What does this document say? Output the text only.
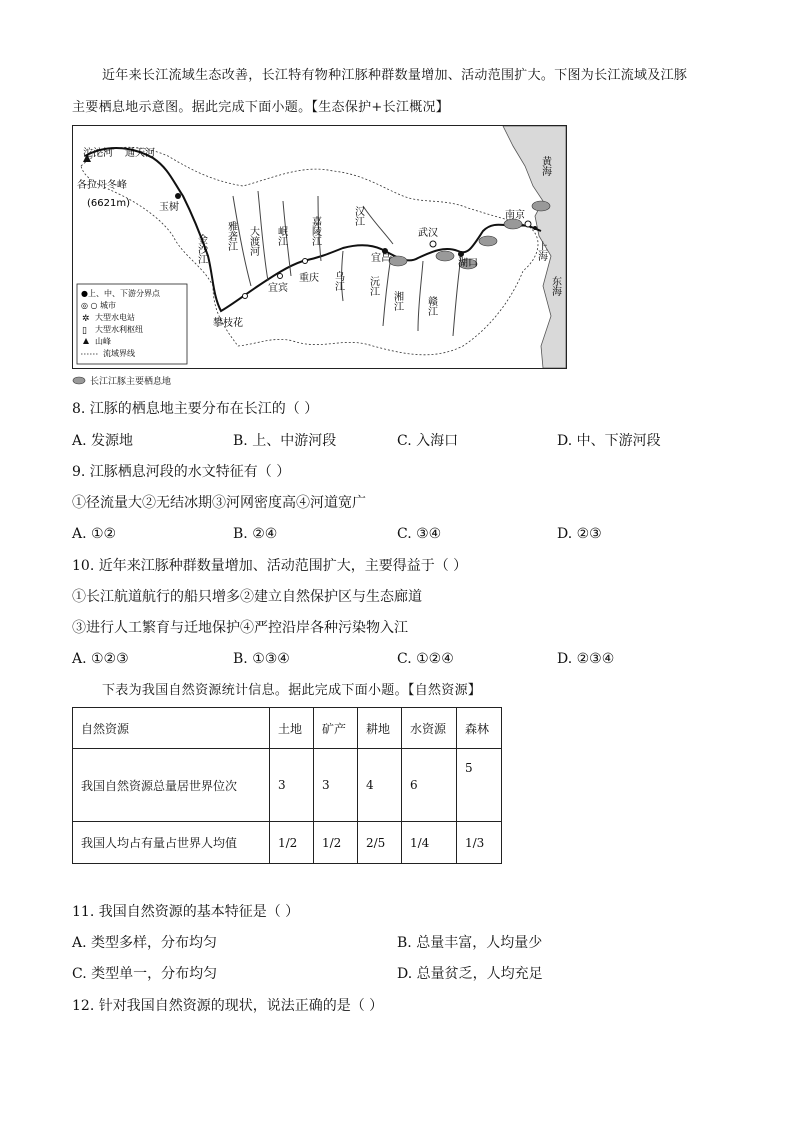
近年来长江流域生态改善，长江特有物种江豚种群数量增加、活动范围扩大。下图为长江流域及江豚
主要栖息地示意图。据此完成下面小题。【生态保护+长江概况】
沱沱河 通天河
各拉丹冬峰
(6621m)	玉树
金沙江 雅砻江 大渡河 岷江 嘉陵江	汉江
乌江 沅江
湘江 赣江
攀枝花
宜宾
重庆
宜昌
武汉
湖口
南京
上海
黄海
东海
●上、中、下游分界点
◎ ○ 城市
大型水电站
大型水利枢纽
山峰
流域界线
✲
▯
长江江豚主要栖息地
8. 江豚的栖息地主要分布在长江的（ ）
A. 发源地	B. 上、中游河段	C. 入海口	D. 中、下游河段
9. 江豚栖息河段的水文特征有（ ）
①径流量大②无结冰期③河网密度高④河道宽广
A. ①②	B. ②④	C. ③④	D. ②③
10. 近年来江豚种群数量增加、活动范围扩大，主要得益于（ ）
①长江航道航行的船只增多②建立自然保护区与生态廊道
③进行人工繁育与迁地保护④严控沿岸各种污染物入江
A. ①②③	B. ①③④	C. ①②④	D. ②③④
下表为我国自然资源统计信息。据此完成下面小题。【自然资源】
自然资源	土地	矿产	耕地	水资源	森林
我国自然资源总量居世界位次	3	3	4	6	5
我国人均占有量占世界人均值	1/2	1/2	2/5	1/4	1/3
11. 我国自然资源的基本特征是（ ）
A. 类型多样，分布均匀	B. 总量丰富，人均量少
C. 类型单一，分布均匀	D. 总量贫乏，人均充足
12. 针对我国自然资源的现状，说法正确的是（ ）
